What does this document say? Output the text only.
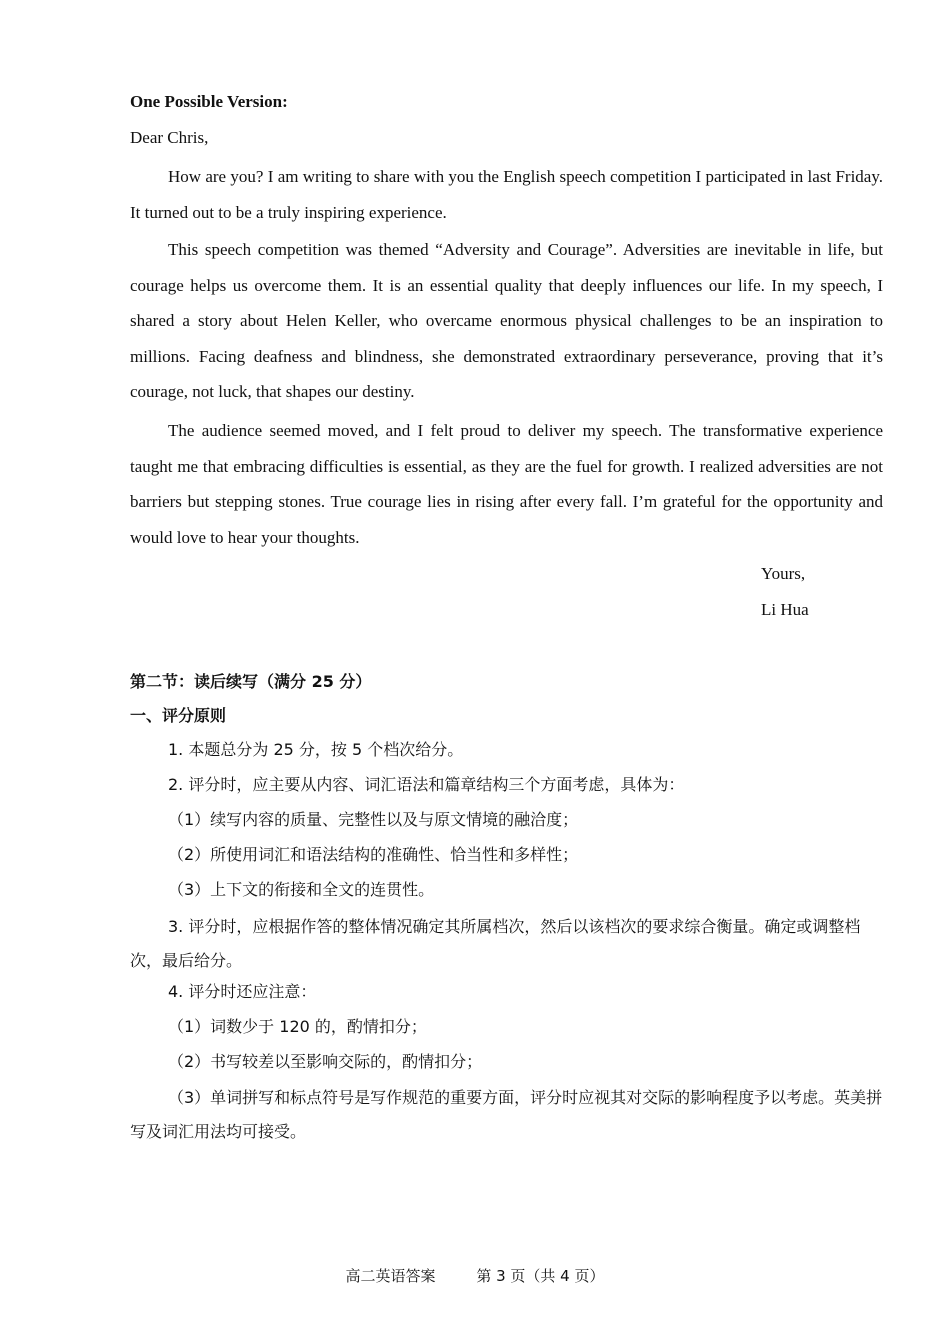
One Possible Version:
Dear Chris,
How are you? I am writing to share with you the English speech competition I participated in last Friday. It turned out to be a truly inspiring experience.
This speech competition was themed “Adversity and Courage”. Adversities are inevitable in life, but courage helps us overcome them. It is an essential quality that deeply influences our life. In my speech, I shared a story about Helen Keller, who overcame enormous physical challenges to be an inspiration to millions. Facing deafness and blindness, she demonstrated extraordinary perseverance, proving that it’s courage, not luck, that shapes our destiny.
The audience seemed moved, and I felt proud to deliver my speech. The transformative experience taught me that embracing difficulties is essential, as they are the fuel for growth. I realized adversities are not barriers but stepping stones. True courage lies in rising after every fall. I’m grateful for the opportunity and would love to hear your thoughts.
Yours,
Li Hua
第二节：读后续写（满分 25 分）
一、评分原则
1. 本题总分为 25 分，按 5 个档次给分。
2. 评分时，应主要从内容、词汇语法和篇章结构三个方面考虑，具体为：
（1）续写内容的质量、完整性以及与原文情境的融洽度；
（2）所使用词汇和语法结构的准确性、恰当性和多样性；
（3）上下文的衔接和全文的连贯性。
3. 评分时，应根据作答的整体情况确定其所属档次，然后以该档次的要求综合衡量。确定或调整档次，最后给分。
4. 评分时还应注意：
（1）词数少于 120 的，酌情扣分；
（2）书写较差以至影响交际的，酌情扣分；
（3）单词拼写和标点符号是写作规范的重要方面，评分时应视其对交际的影响程度予以考虑。英美拼写及词汇用法均可接受。
高二英语答案	第 3 页（共 4 页）
